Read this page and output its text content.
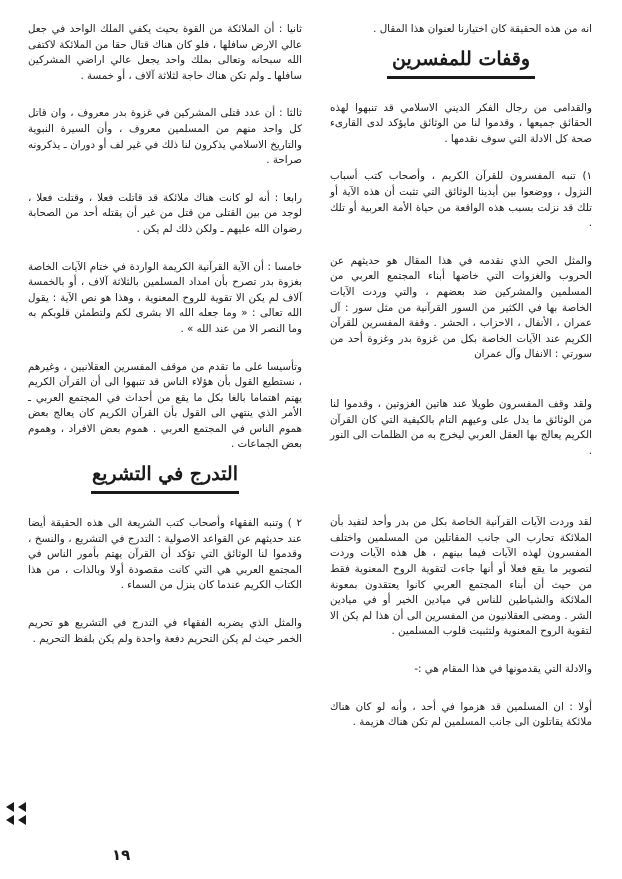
انه من هذه الحقيقة كان اختيارنا لعنوان هذا المقال .

وقفات للمفسرين

والقدامى من رجال الفكر الديني الاسلامي قد تنبهوا لهذه الحقائق جميعها ، وقدموا لنا من الوثائق مايؤكد لدى القارىء صحة كل الادلة التي سوف نقدمها .

١) تنبه المفسرون للقرآن الكريم ، وأصحاب كتب أسباب النزول ، ووضعوا بين أيدينا الوثائق التي تثبت أن هذه الآية أو تلك قد نزلت بسبب هذه الواقعة من حياة الأمة العربية أو تلك .

والمثل الحي الذي نقدمه في هذا المقال هو حديثهم عن الحروب والغزوات التي خاضها أبناء المجتمع العربي من المسلمين والمشركين ضد بعضهم ، والتي وردت الآيات الخاصة بها في الكثير من السور القرآنية من مثل سور : آل عمران ، الأنفال ، الاحزاب ، الحشر . وقفة المفسرين للقرآن الكريم عند الآيات الخاصة بكل من غزوة بدر وغزوة أحد من سورتي : الانفال وآل عمران

ولقد وقف المفسرون طويلا عند هاتين الغزوتين ، وقدموا لنا من الوثائق ما يدل على وعيهم التام بالكيفية التي كان القرآن الكريم يعالج بها العقل العربي ليخرج به من الظلمات الى النور .

لقد وردت الآيات القرآنية الخاصة بكل من بدر وأحد لتفيد بأن الملائكة تحارب الى جانب المقاتلين من المسلمين واختلف المفسرون لهذه الآيات فيما بينهم ، هل هذه الآيات وردت لتصوير ما يقع فعلا أو أنها جاءت لتقوية الروح المعنوية فقط من حيث أن أبناء المجتمع العربي كانوا يعتقدون بمعونة الملائكة والشياطين للناس في ميادين الخير أو في ميادين الشر . ومضى العقلانيون من المفسرين الى أن هذا لم يكن الا لتقوية الروح المعنوية ولتثبيت قلوب المسلمين .

والادلة التي يقدمونها في هذا المقام هي :-

أولا : ان المسلمين قد هزموا في أحد ، وأنه لو كان هناك ملائكة يقاتلون الى جانب المسلمين لم تكن هناك هزيمة .

ثانيا : أن الملائكة من القوة بحيث يكفي الملك الواحد في جعل عالي الارض سافلها ، فلو كان هناك قتال حقا من الملائكة لاكتفى الله سبحانه وتعالى بملك واحد يجعل عالي اراضي المشركين سافلها ـ ولم تكن هناك حاجة لثلاثة آلاف ، أو خمسة .

ثالثا : أن عدد قتلى المشركين في غزوة بدر معروف ، وان قاتل كل واحد منهم من المسلمين معروف ، وأن السيرة النبوية والتاريخ الاسلامي يذكرون لنا ذلك في غير لف أو دوران ـ يذكرونه صراحة .

رابعا : أنه لو كانت هناك ملائكة قد قاتلت فعلا ، وقتلت فعلا ، لوجد من بين القتلى من قتل من غير أن يقتله أحد من الصحابة رضوان الله عليهم ـ ولكن ذلك لم يكن .

خامسا : أن الآية القرآنية الكريمة الواردة في ختام الآيات الخاصة بغزوة بدر تصرح بأن امداد المسلمين بالثلاثة آلاف ، أو بالخمسة آلاف لم يكن الا تقوية للروح المعنوية ، وهذا هو نص الآية : يقول الله تعالى : « وما جعله الله الا بشرى لكم ولتطمئن قلوبكم به وما النصر الا من عند الله » .

وتأسيسا على ما تقدم من موقف المفسرين العقلانيين ، وغيرهم ، نستطيع القول بأن هؤلاء الناس قد تنبهوا الى أن القرآن الكريم يهتم اهتماما بالغا بكل ما يقع من أحداث في المجتمع العربي ـ الأمر الذي ينتهي الى القول بأن القرآن الكريم كان يعالج بعض هموم الناس في المجتمع العربي . هموم بعض الافراد ، وهموم بعض الجماعات .

التدرج في التشريع

٢ ) وتنبه الفقهاء وأصحاب كتب الشريعة الى هذه الحقيقة أيضا عند حديثهم عن القواعد الاصولية : التدرج في التشريع ، والنسخ ، وقدموا لنا الوثائق التي تؤكد أن القرآن يهتم بأمور الناس في المجتمع العربي هي التي كانت مقصودة أولا وبالذات ، من هذا الكتاب الكريم عندما كان ينزل من السماء .

والمثل الذي يضربه الفقهاء في التدرج في التشريع هو تحريم الخمر حيث لم يكن التحريم دفعة واحدة ولم يكن بلفظ التحريم .

١٩
